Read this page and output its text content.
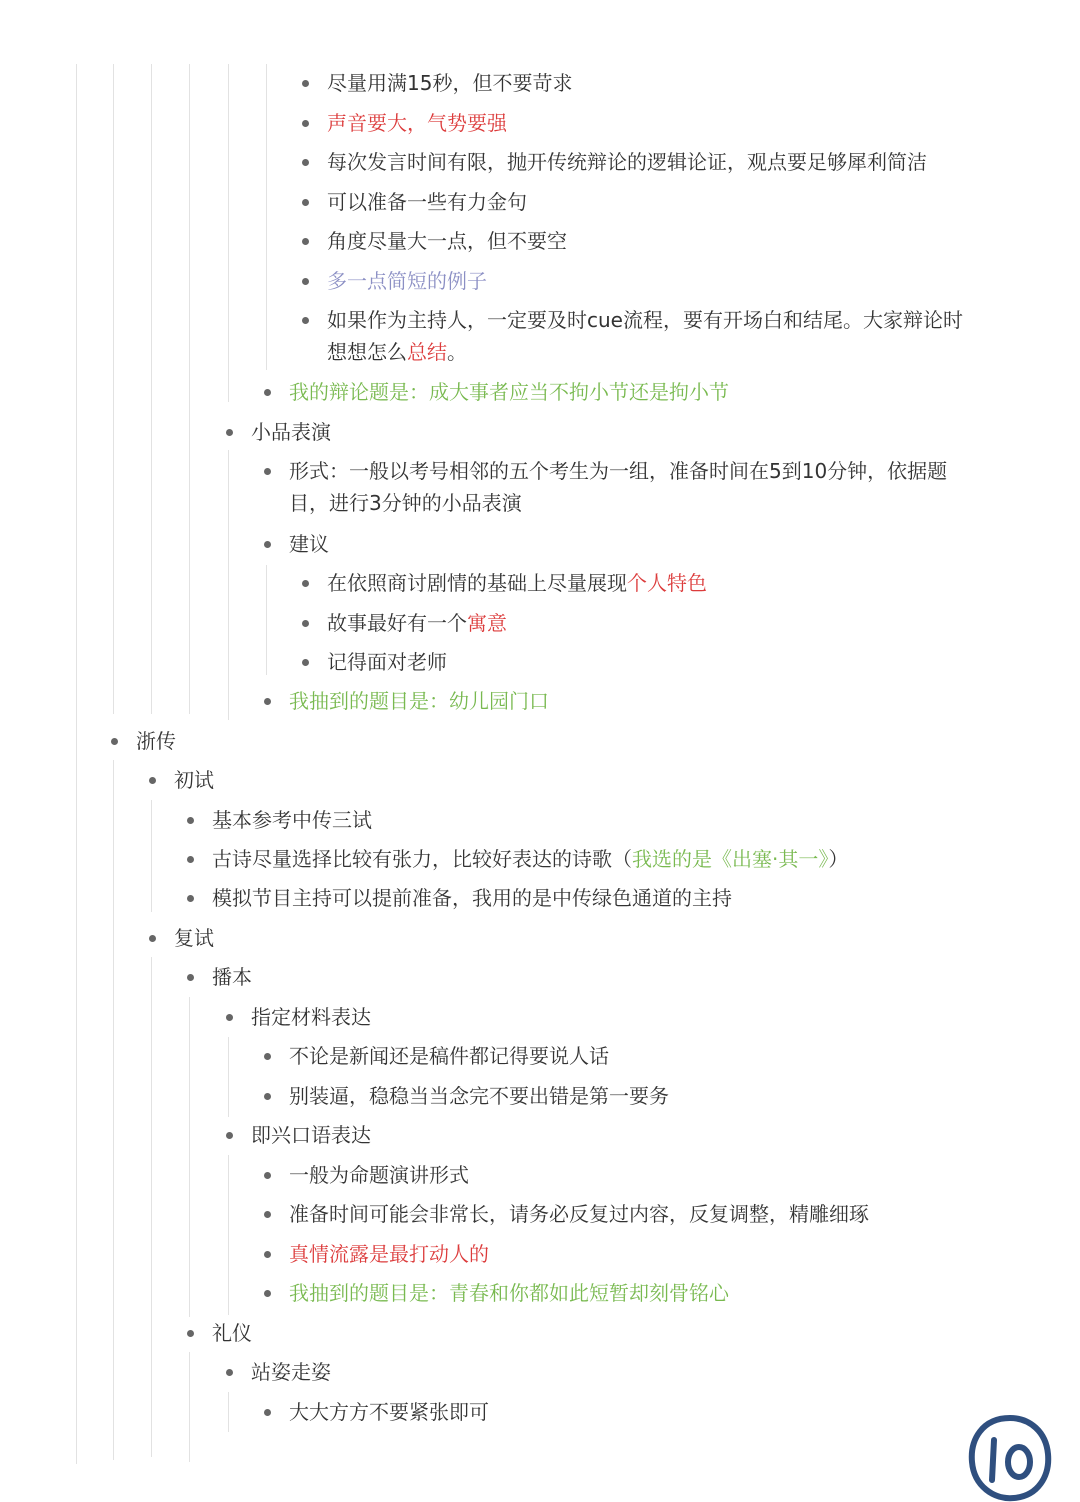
尽量用满15秒，但不要苛求
声音要大，气势要强
每次发言时间有限，抛开传统辩论的逻辑论证，观点要足够犀利简洁
可以准备一些有力金句
角度尽量大一点，但不要空
多一点简短的例子
如果作为主持人，一定要及时cue流程，要有开场白和结尾。大家辩论时
想想怎么总结。
我的辩论题是：成大事者应当不拘小节还是拘小节
小品表演
形式：一般以考号相邻的五个考生为一组，准备时间在5到10分钟，依据题
目，进行3分钟的小品表演
建议
在依照商讨剧情的基础上尽量展现个人特色
故事最好有一个寓意
记得面对老师
我抽到的题目是：幼儿园门口
浙传
初试
基本参考中传三试
古诗尽量选择比较有张力，比较好表达的诗歌（我选的是《出塞·其一》）
模拟节目主持可以提前准备，我用的是中传绿色通道的主持
复试
播本
指定材料表达
不论是新闻还是稿件都记得要说人话
别装逼，稳稳当当念完不要出错是第一要务
即兴口语表达
一般为命题演讲形式
准备时间可能会非常长，请务必反复过内容，反复调整，精雕细琢
真情流露是最打动人的
我抽到的题目是：青春和你都如此短暂却刻骨铭心
礼仪
站姿走姿
大大方方不要紧张即可
